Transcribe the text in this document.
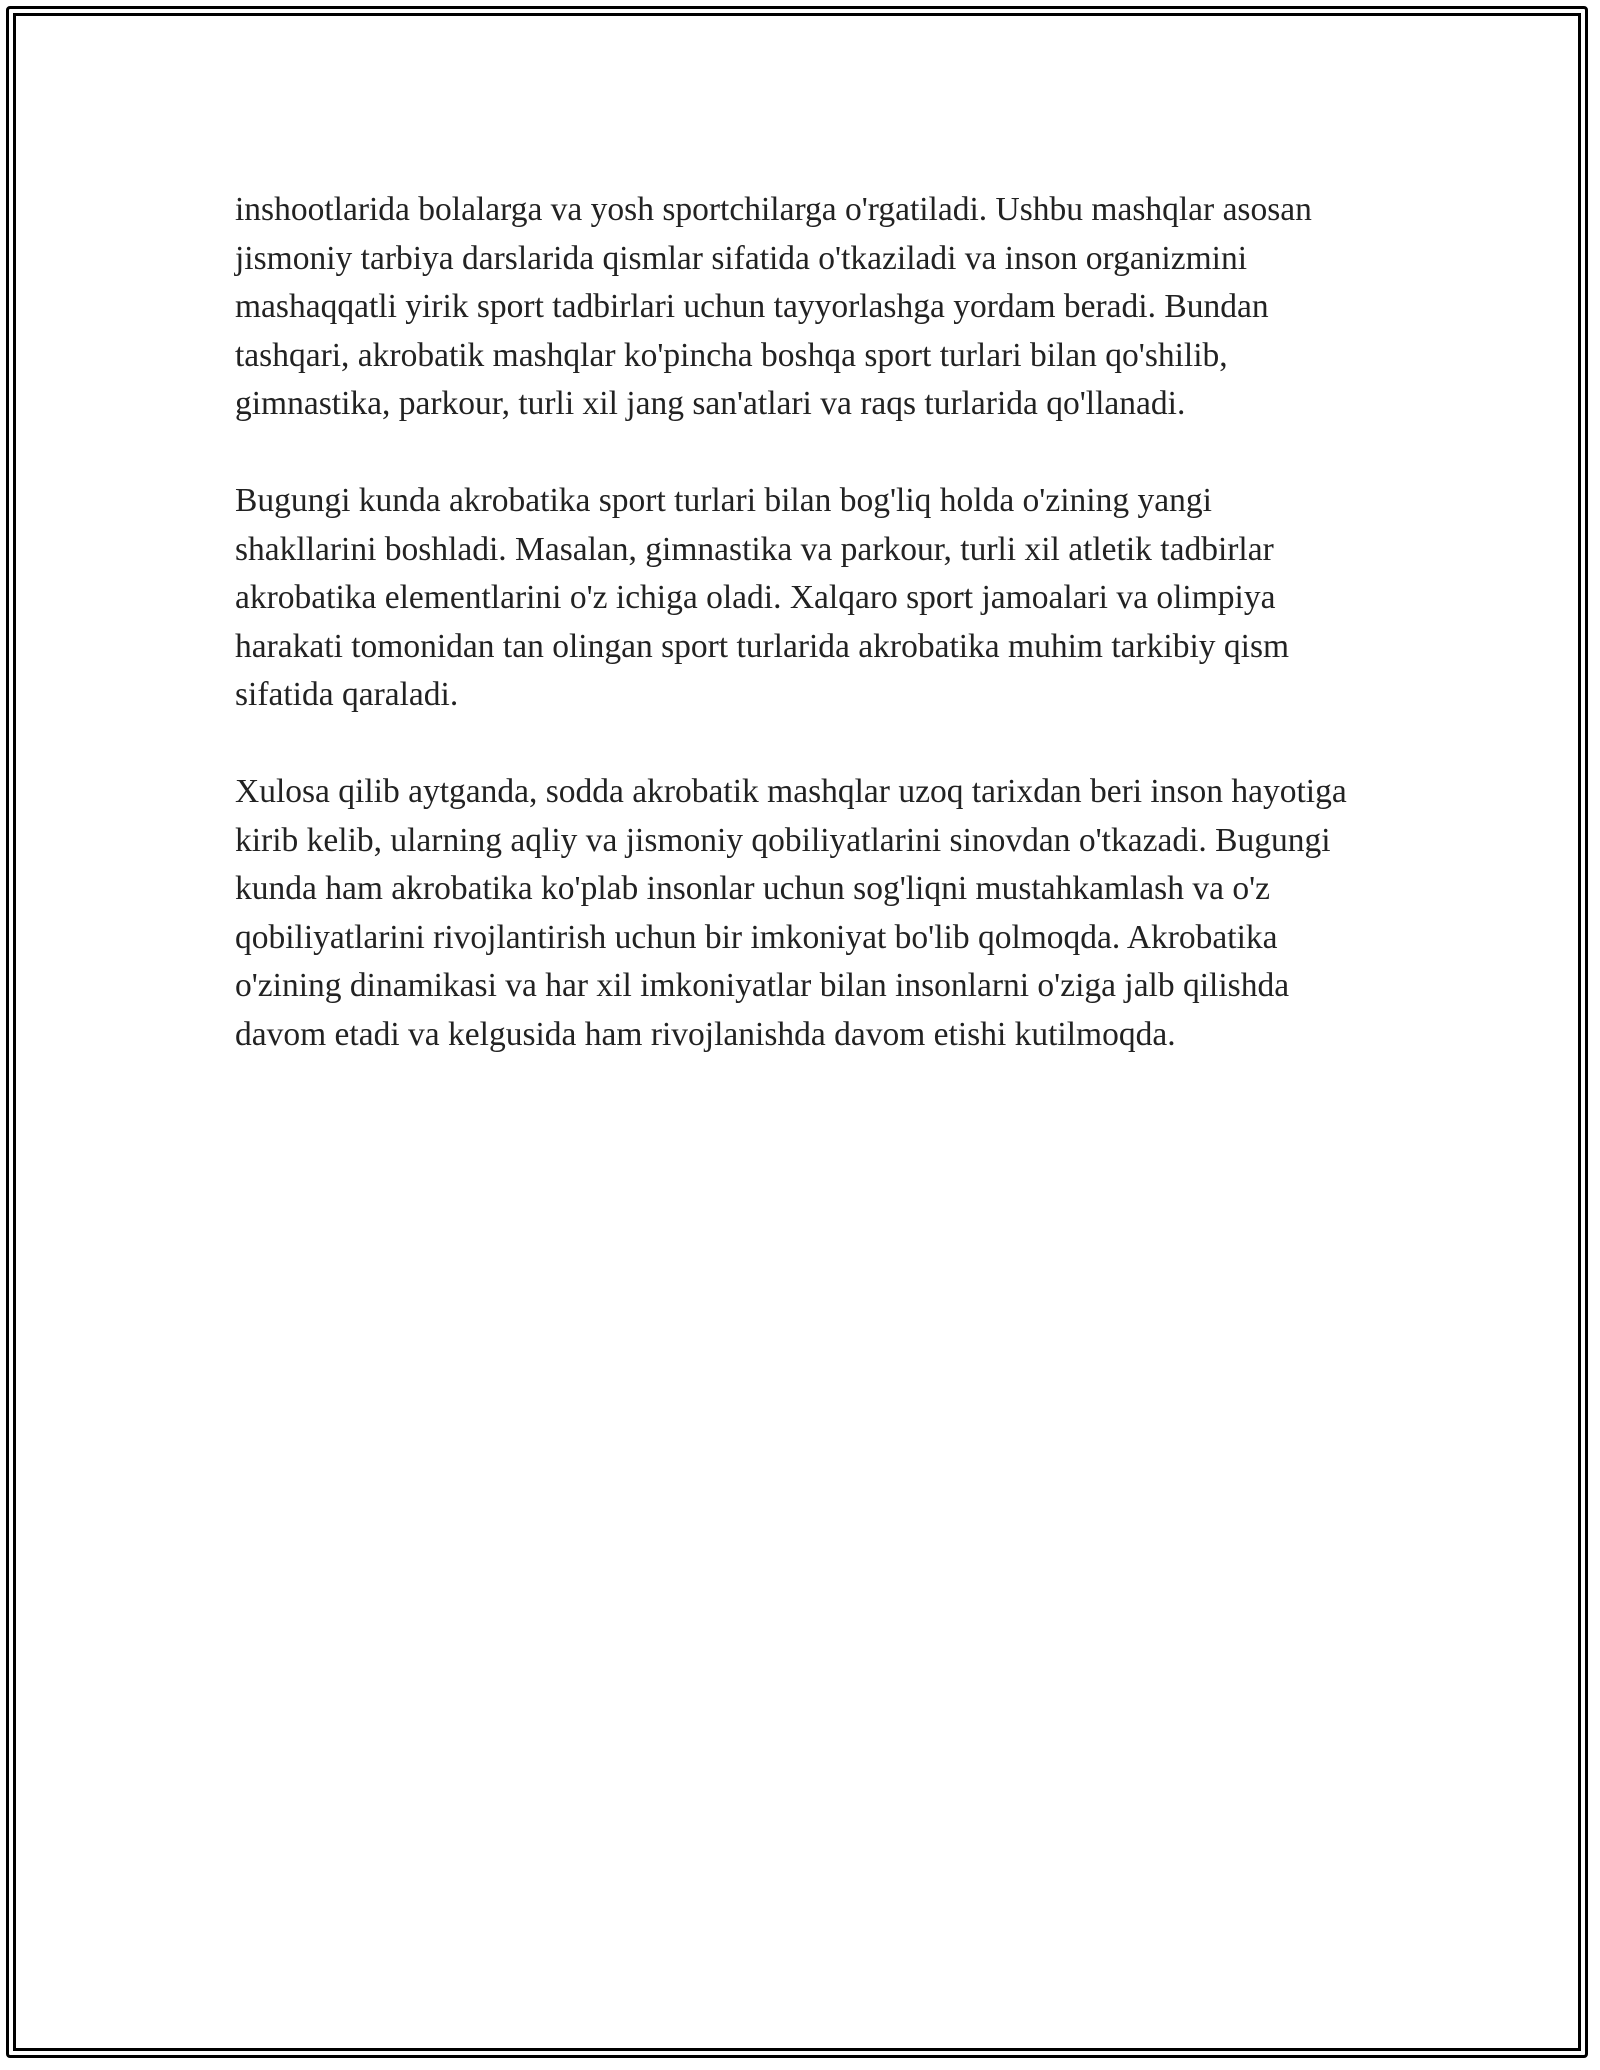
inshootlarida bolalarga va yosh sportchilarga o'rgatiladi. Ushbu mashqlar asosan jismoniy tarbiya darslarida qismlar sifatida o'tkaziladi va inson organizmini mashaqqatli yirik sport tadbirlari uchun tayyorlashga yordam beradi. Bundan tashqari, akrobatik mashqlar ko'pincha boshqa sport turlari bilan qo'shilib, gimnastika, parkour, turli xil jang san'atlari va raqs turlarida qo'llanadi.

Bugungi kunda akrobatika sport turlari bilan bog'liq holda o'zining yangi shakllarini boshladi. Masalan, gimnastika va parkour, turli xil atletik tadbirlar akrobatika elementlarini o'z ichiga oladi. Xalqaro sport jamoalari va olimpiya harakati tomonidan tan olingan sport turlarida akrobatika muhim tarkibiy qism sifatida qaraladi.

Xulosa qilib aytganda, sodda akrobatik mashqlar uzoq tarixdan beri inson hayotiga kirib kelib, ularning aqliy va jismoniy qobiliyatlarini sinovdan o'tkazadi. Bugungi kunda ham akrobatika ko'plab insonlar uchun sog'liqni mustahkamlash va o'z qobiliyatlarini rivojlantirish uchun bir imkoniyat bo'lib qolmoqda. Akrobatika o'zining dinamikasi va har xil imkoniyatlar bilan insonlarni o'ziga jalb qilishda davom etadi va kelgusida ham rivojlanishda davom etishi kutilmoqda.
